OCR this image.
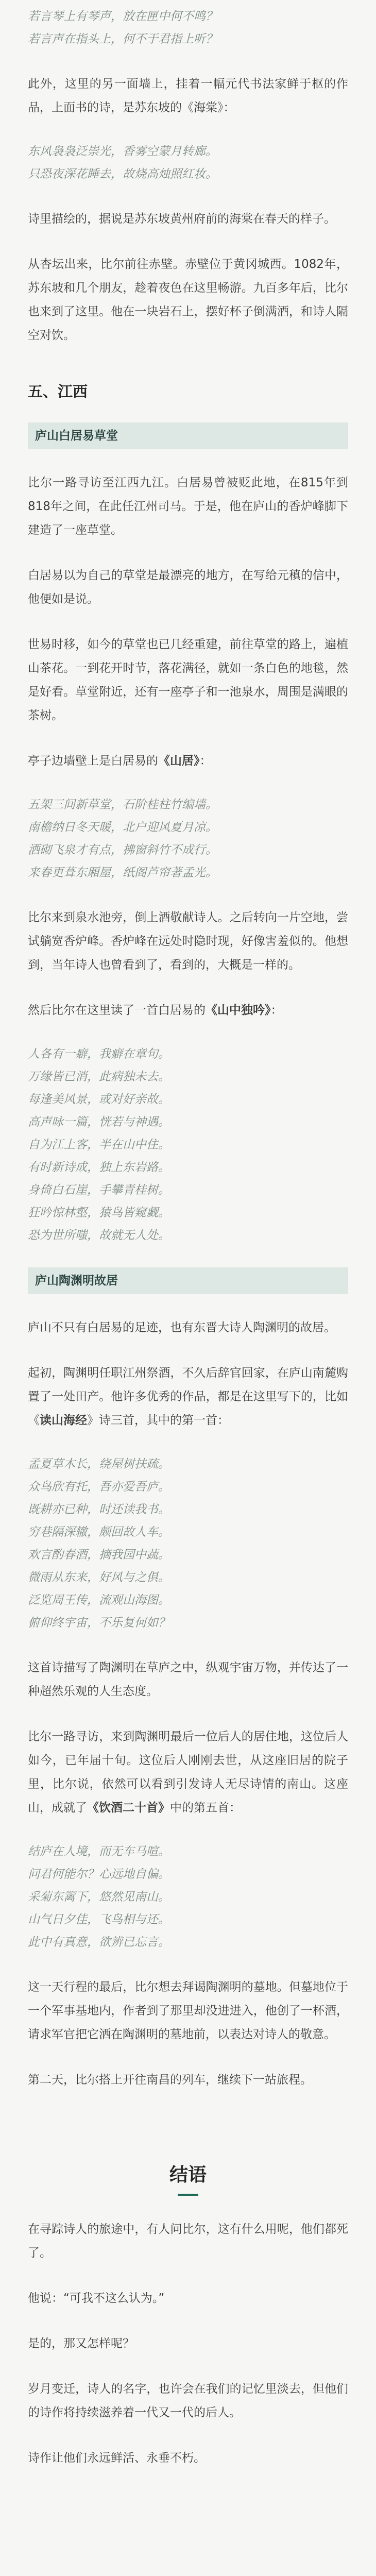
若言琴上有琴声，放在匣中何不鸣？

若言声在指头上，何不于君指上听？

此外，这里的另一面墙上，挂着一幅元代书法家鲜于枢的作品，上面书的诗，是苏东坡的《海棠》：

东风袅袅泛崇光，香雾空蒙月转廊。

只恐夜深花睡去，故烧高烛照红妆。

诗里描绘的，据说是苏东坡黄州府前的海棠在春天的样子。

从杏坛出来，比尔前往赤壁。赤壁位于黄冈城西。1082年，苏东坡和几个朋友，趁着夜色在这里畅游。九百多年后，比尔也来到了这里。他在一块岩石上，摆好杯子倒满酒，和诗人隔空对饮。

五、江西
庐山白居易草堂

比尔一路寻访至江西九江。白居易曾被贬此地，在815年到818年之间，在此任江州司马。于是，他在庐山的香炉峰脚下建造了一座草堂。

白居易以为自己的草堂是最漂亮的地方，在写给元稹的信中，他便如是说。

世易时移，如今的草堂也已几经重建，前往草堂的路上，遍植山茶花。一到花开时节，落花满径，就如一条白色的地毯，然是好看。草堂附近，还有一座亭子和一池泉水，周围是满眼的茶树。

亭子边墙壁上是白居易的《山居》：

五架三间新草堂，石阶桂柱竹编墙。

南檐纳日冬天暖，北户迎风夏月凉。

洒砌飞泉才有点，拂窗斜竹不成行。

来春更葺东厢屋，纸阁芦帘著孟光。

比尔来到泉水池旁，倒上酒敬献诗人。之后转向一片空地，尝试躺宽香炉峰。香炉峰在远处时隐时现，好像害羞似的。他想到，当年诗人也曾看到了，看到的，大概是一样的。

然后比尔在这里读了一首白居易的《山中独吟》：

人各有一癖，我癖在章句。

万缘皆已消，此病独未去。

每逢美风景，或对好亲故。

高声咏一篇，恍若与神遇。

自为江上客，半在山中住。

有时新诗成，独上东岩路。

身倚白石崖，手攀青桂树。

狂吟惊林壑，猿鸟皆窥觑。

恐为世所嗤，故就无人处。

庐山陶渊明故居

庐山不只有白居易的足迹，也有东晋大诗人陶渊明的故居。

起初，陶渊明任职江州祭酒，不久后辞官回家，在庐山南麓购置了一处田产。他许多优秀的作品，都是在这里写下的，比如《读山海经》诗三首，其中的第一首：

孟夏草木长，绕屋树扶疏。

众鸟欣有托，吾亦爱吾庐。

既耕亦已种，时还读我书。

穷巷隔深辙，颇回故人车。

欢言酌春酒，摘我园中蔬。

微雨从东来，好风与之俱。

泛览周王传，流观山海图。

俯仰终宇宙，不乐复何如？

这首诗描写了陶渊明在草庐之中，纵观宇宙万物，并传达了一种超然乐观的人生态度。

比尔一路寻访，来到陶渊明最后一位后人的居住地，这位后人如今，已年届十旬。这位后人刚刚去世，从这座旧居的院子里，比尔说，依然可以看到引发诗人无尽诗情的南山。这座山，成就了《饮酒二十首》中的第五首：

结庐在人境，而无车马喧。

问君何能尔？心远地自偏。

采菊东篱下，悠然见南山。

山气日夕佳，飞鸟相与还。

此中有真意，欲辨已忘言。

这一天行程的最后，比尔想去拜谒陶渊明的墓地。但墓地位于一个军事基地内，作者到了那里却没进进入，他创了一杯酒，请求军官把它洒在陶渊明的墓地前，以表达对诗人的敬意。

第二天，比尔搭上开往南昌的列车，继续下一站旅程。

结语

在寻踪诗人的旅途中，有人问比尔，这有什么用呢，他们都死了。

他说：“可我不这么认为。”

是的，那又怎样呢？

岁月变迁，诗人的名字，也许会在我们的记忆里淡去，但他们的诗作将持续滋养着一代又一代的后人。

诗作让他们永远鲜活、永垂不朽。
